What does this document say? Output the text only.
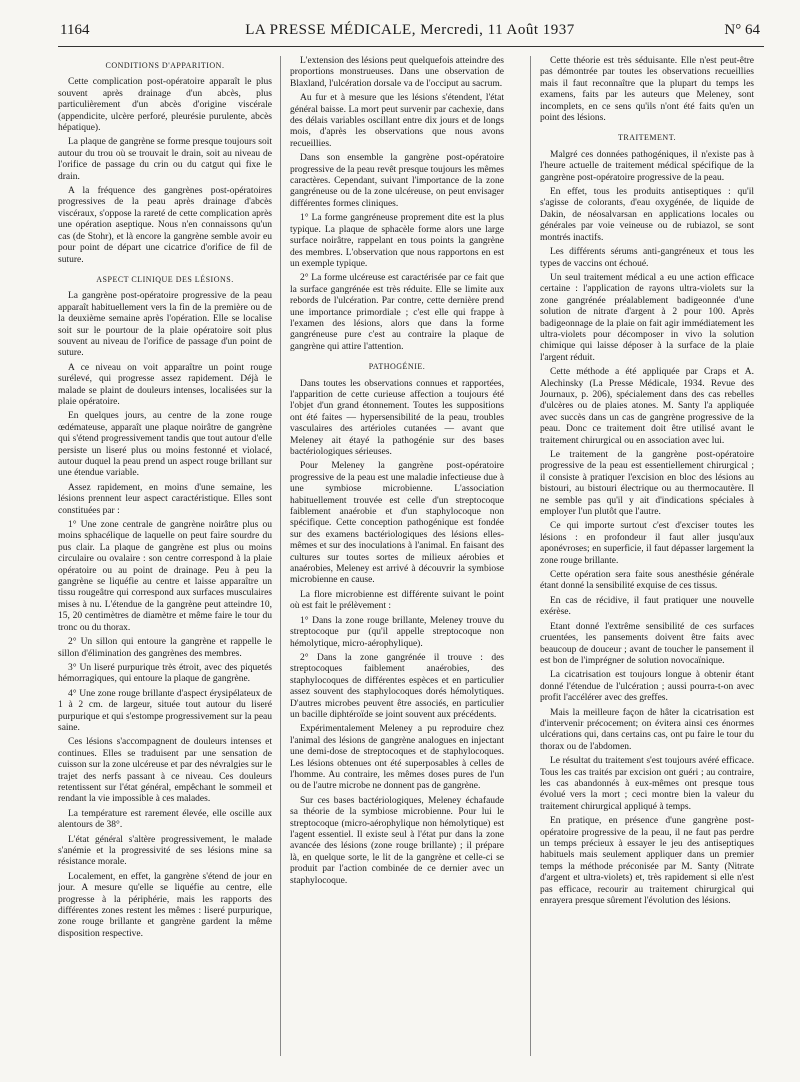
1164	LA PRESSE MÉDICALE, Mercredi, 11 Août 1937	N° 64
CONDITIONS D'APPARITION.

Cette complication post-opératoire apparaît le plus souvent après drainage d'un abcès, plus particulièrement d'un abcès d'origine viscérale (appendicite, ulcère perforé, pleurésie purulente, abcès hépatique).

La plaque de gangrène se forme presque toujours soit autour du trou où se trouvait le drain, soit au niveau de l'orifice de passage du crin ou du catgut qui fixe le drain.

A la fréquence des gangrènes post-opératoires progressives de la peau après drainage d'abcès viscéraux, s'oppose la rareté de cette complication après une opération aseptique. Nous n'en connaissons qu'un cas (de Stohr), et là encore la gangrène semble avoir eu pour point de départ une cicatrice d'orifice de fil de suture.

ASPECT CLINIQUE DES LÉSIONS.

La gangrène post-opératoire progressive de la peau apparaît habituellement vers la fin de la première ou de la deuxième semaine après l'opération. Elle se localise soit sur le pourtour de la plaie opératoire soit plus souvent au niveau de l'orifice de passage d'un point de suture.

A ce niveau on voit apparaître un point rouge surélevé, qui progresse assez rapidement. Déjà le malade se plaint de douleurs intenses, localisées sur la plaie opératoire.

En quelques jours, au centre de la zone rouge œdémateuse, apparaît une plaque noirâtre de gangrène qui s'étend progressivement tandis que tout autour d'elle persiste un liseré plus ou moins festonné et violacé, autour duquel la peau prend un aspect rouge brillant sur une étendue variable.

Assez rapidement, en moins d'une semaine, les lésions prennent leur aspect caractéristique. Elles sont constituées par :

1° Une zone centrale de gangrène noirâtre plus ou moins sphacélique de laquelle on peut faire sourdre du pus clair. La plaque de gangrène est plus ou moins circulaire ou ovalaire : son centre correspond à la plaie opératoire ou au point de drainage. Peu à peu la gangrène se liquéfie au centre et laisse apparaître un tissu rougeâtre qui correspond aux surfaces musculaires mises à nu. L'étendue de la gangrène peut atteindre 10, 15, 20 centimètres de diamètre et même faire le tour du tronc ou du thorax.

2° Un sillon qui entoure la gangrène et rappelle le sillon d'élimination des gangrènes des membres.

3° Un liseré purpurique très étroit, avec des piquetés hémorragiques, qui entoure la plaque de gangrène.

4° Une zone rouge brillante d'aspect érysipélateux de 1 à 2 cm. de largeur, située tout autour du liseré purpurique et qui s'estompe progressivement sur la peau saine.

Ces lésions s'accompagnent de douleurs intenses et continues. Elles se traduisent par une sensation de cuisson sur la zone ulcéreuse et par des névralgies sur le trajet des nerfs passant à ce niveau. Ces douleurs retentissent sur l'état général, empêchant le sommeil et rendant la vie impossible à ces malades.

La température est rarement élevée, elle oscille aux alentours de 38°.

L'état général s'altère progressivement, le malade s'anémie et la progressivité de ses lésions mine sa résistance morale.

Localement, en effet, la gangrène s'étend de jour en jour. A mesure qu'elle se liquéfie au centre, elle progresse à la périphérie, mais les rapports des différentes zones restent les mêmes : liseré purpurique, zone rouge brillante et gangrène gardent la même disposition respective.

L'extension des lésions peut quelquefois atteindre des proportions monstrueuses. Dans une observation de Blaxland, l'ulcération dorsale va de l'occiput au sacrum.

Au fur et à mesure que les lésions s'étendent, l'état général baisse. La mort peut survenir par cachexie, dans des délais variables oscillant entre dix jours et de longs mois, d'après les observations que nous avons recueillies.

Dans son ensemble la gangrène post-opératoire progressive de la peau revêt presque toujours les mêmes caractères. Cependant, suivant l'importance de la zone gangréneuse ou de la zone ulcéreuse, on peut envisager différentes formes cliniques.

1° La forme gangréneuse proprement dite est la plus typique. La plaque de sphacèle forme alors une large surface noirâtre, rappelant en tous points la gangrène des membres. L'observation que nous rapportons en est un exemple typique.

2° La forme ulcéreuse est caractérisée par ce fait que la surface gangrénée est très réduite. Elle se limite aux rebords de l'ulcération. Par contre, cette dernière prend une importance primordiale ; c'est elle qui frappe à l'examen des lésions, alors que dans la forme gangréneuse pure c'est au contraire la plaque de gangrène qui attire l'attention.

PATHOGÉNIE.

Dans toutes les observations connues et rapportées, l'apparition de cette curieuse affection a toujours été l'objet d'un grand étonnement. Toutes les suppositions ont été faites — hypersensibilité de la peau, troubles vasculaires des artérioles cutanées — avant que Meleney ait étayé la pathogénie sur des bases bactériologiques sérieuses.

Pour Meleney la gangrène post-opératoire progressive de la peau est une maladie infectieuse due à une symbiose microbienne. L'association habituellement trouvée est celle d'un streptocoque faiblement anaérobie et d'un staphylocoque non spécifique. Cette conception pathogénique est fondée sur des examens bactériologiques des lésions elles-mêmes et sur des inoculations à l'animal. En faisant des cultures sur toutes sortes de milieux aérobies et anaérobies, Meleney est arrivé à découvrir la symbiose microbienne en cause.

La flore microbienne est différente suivant le point où est fait le prélèvement :

1° Dans la zone rouge brillante, Meleney trouve du streptocoque pur (qu'il appelle streptocoque non hémolytique, micro-aérophylique).

2° Dans la zone gangrénée il trouve : des streptocoques faiblement anaérobies, des staphylocoques de différentes espèces et en particulier assez souvent des staphylocoques dorés hémolytiques. D'autres microbes peuvent être associés, en particulier un bacille diphtéroïde se joint souvent aux précédents.

Expérimentalement Meleney a pu reproduire chez l'animal des lésions de gangrène analogues en injectant une demi-dose de streptocoques et de staphylocoques. Les lésions obtenues ont été superposables à celles de l'homme. Au contraire, les mêmes doses pures de l'un ou de l'autre microbe ne donnent pas de gangrène.

Sur ces bases bactériologiques, Meleney échafaude sa théorie de la symbiose microbienne. Pour lui le streptocoque (micro-aérophylique non hémolytique) est l'agent essentiel. Il existe seul à l'état pur dans la zone avancée des lésions (zone rouge brillante) ; il prépare là, en quelque sorte, le lit de la gangrène et celle-ci se produit par l'action combinée de ce dernier avec un staphylocoque.

Cette théorie est très séduisante. Elle n'est peut-être pas démontrée par toutes les observations recueillies mais il faut reconnaître que la plupart du temps les examens, faits par les auteurs que Meleney, sont incomplets, en ce sens qu'ils n'ont été faits qu'en un point des lésions.

TRAITEMENT.

Malgré ces données pathogéniques, il n'existe pas à l'heure actuelle de traitement médical spécifique de la gangrène post-opératoire progressive de la peau.

En effet, tous les produits antiseptiques : qu'il s'agisse de colorants, d'eau oxygénée, de liquide de Dakin, de néosalvarsan en applications locales ou générales par voie veineuse ou de rubiazol, se sont montrés inactifs.

Les différents sérums anti-gangréneux et tous les types de vaccins ont échoué.

Un seul traitement médical a eu une action efficace certaine : l'application de rayons ultra-violets sur la zone gangrénée préalablement badigeonnée d'une solution de nitrate d'argent à 2 pour 100. Après badigeonnage de la plaie on fait agir immédiatement les ultra-violets pour décomposer in vivo la solution chimique qui laisse déposer à la surface de la plaie l'argent réduit.

Cette méthode a été appliquée par Craps et A. Alechinsky (La Presse Médicale, 1934. Revue des Journaux, p. 206), spécialement dans des cas rebelles d'ulcères ou de plaies atones. M. Santy l'a appliquée avec succès dans un cas de gangrène progressive de la peau. Donc ce traitement doit être utilisé avant le traitement chirurgical ou en association avec lui.

Le traitement de la gangrène post-opératoire progressive de la peau est essentiellement chirurgical ; il consiste à pratiquer l'excision en bloc des lésions au bistouri, au bistouri électrique ou au thermocautère. Il ne semble pas qu'il y ait d'indications spéciales à employer l'un plutôt que l'autre.

Ce qui importe surtout c'est d'exciser toutes les lésions : en profondeur il faut aller jusqu'aux aponévroses; en superficie, il faut dépasser largement la zone rouge brillante.

Cette opération sera faite sous anesthésie générale étant donné la sensibilité exquise de ces tissus.

En cas de récidive, il faut pratiquer une nouvelle exérèse.

Etant donné l'extrême sensibilité de ces surfaces cruentées, les pansements doivent être faits avec beaucoup de douceur ; avant de toucher le pansement il est bon de l'imprégner de solution novocaïnique.

La cicatrisation est toujours longue à obtenir étant donné l'étendue de l'ulcération ; aussi pourra-t-on avec profit l'accélérer avec des greffes.

Mais la meilleure façon de hâter la cicatrisation est d'intervenir précocement; on évitera ainsi ces énormes ulcérations qui, dans certains cas, ont pu faire le tour du thorax ou de l'abdomen.

Le résultat du traitement s'est toujours avéré efficace. Tous les cas traités par excision ont guéri ; au contraire, les cas abandonnés à eux-mêmes ont presque tous évolué vers la mort ; ceci montre bien la valeur du traitement chirurgical appliqué à temps.

En pratique, en présence d'une gangrène post-opératoire progressive de la peau, il ne faut pas perdre un temps précieux à essayer le jeu des antiseptiques habituels mais seulement appliquer dans un premier temps la méthode préconisée par M. Santy (Nitrate d'argent et ultra-violets) et, très rapidement si elle n'est pas efficace, recourir au traitement chirurgical qui enrayera presque sûrement l'évolution des lésions.
